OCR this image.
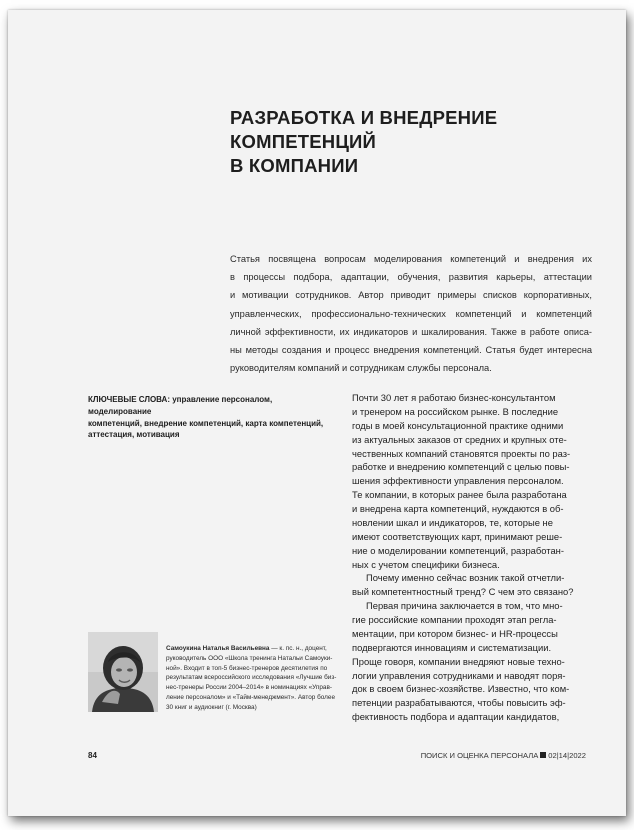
РАЗРАБОТКА И ВНЕДРЕНИЕ КОМПЕТЕНЦИЙ
В КОМПАНИИ

Статья посвящена вопросам моделирования компетенций и внедрения их
в процессы подбора, адаптации, обучения, развития карьеры, аттестации
и мотивации сотрудников. Автор приводит примеры списков корпоративных,
управленческих, профессионально-технических компетенций и компетенций
личной эффективности, их индикаторов и шкалирования. Также в работе описа-
ны методы создания и процесс внедрения компетенций. Статья будет интересна
руководителям компаний и сотрудникам службы персонала.

КЛЮЧЕВЫЕ СЛОВА: управление персоналом, моделирование
компетенций, внедрение компетенций, карта компетенций,
аттестация, мотивация

Почти 30 лет я работаю бизнес-консультантом
и тренером на российском рынке. В последние
годы в моей консультационной практике одними
из актуальных заказов от средних и крупных оте-
чественных компаний становятся проекты по раз-
работке и внедрению компетенций с целью повы-
шения эффективности управления персоналом.
Те компании, в которых ранее была разработана
и внедрена карта компетенций, нуждаются в об-
новлении шкал и индикаторов, те, которые не
имеют соответствующих карт, принимают реше-
ние о моделировании компетенций, разработан-
ных с учетом специфики бизнеса.
Почему именно сейчас возник такой отчетли-
вый компетентностный тренд? С чем это связано?
Первая причина заключается в том, что мно-
гие российские компании проходят этап регла-
ментации, при котором бизнес- и HR-процессы
подвергаются инновациям и систематизации.
Проще говоря, компании внедряют новые техно-
логии управления сотрудниками и наводят поря-
док в своем бизнес-хозяйстве. Известно, что ком-
петенции разрабатываются, чтобы повысить эф-
фективность подбора и адаптации кандидатов,

Самоукина Наталья Васильевна — к. пс. н., доцент,
руководитель ООО «Школа тренинга Натальи Самоуки-
ной». Входит в топ-5 бизнес-тренеров десятилетия по
результатам всероссийского исследования «Лучшие биз-
нес-тренеры России 2004–2014» в номинациях «Управ-
ление персоналом» и «Тайм-менеджмент». Автор более
30 книг и аудиокниг (г. Москва)

84	ПОИСК И ОЦЕНКА ПЕРСОНАЛА 02|14|2022
